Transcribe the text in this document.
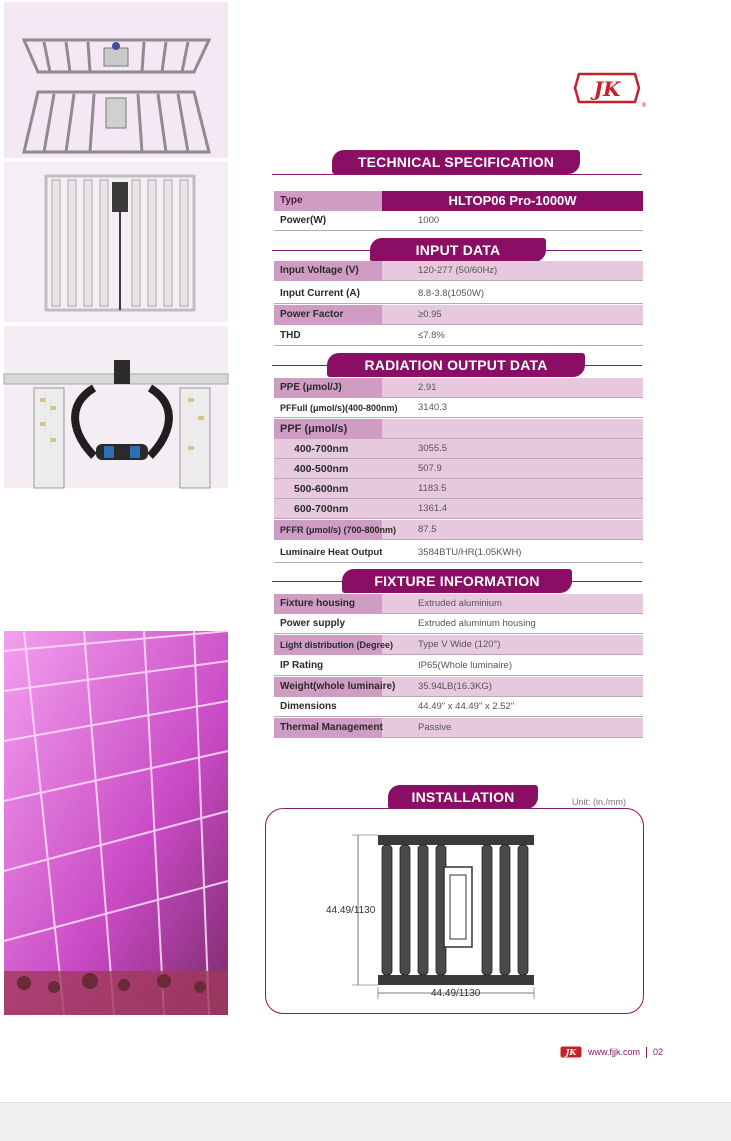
JK
®
TECHNICAL SPECIFICATION
Type	HLTOP06 Pro-1000W
Power(W)	1000
INPUT DATA
Input Voltage (V)	120-277 (50/60Hz)
Input Current (A)	8.8-3.8(1050W)
Power Factor	≥0.95
THD	≤7.8%
RADIATION OUTPUT DATA
PPE (μmol/J)	2.91
PFFull (μmol/s)(400-800nm) 3140.3
PPF (μmol/s)
400-700nm	3055.5
400-500nm	507.9
500-600nm	1183.5
600-700nm	1361.4
PFFR (μmol/s) (700-800nm) 87.5
Luminaire Heat Output	3584BTU/HR(1.05KWH)
FIXTURE INFORMATION
Fixture housing	Extruded aluminium
Power supply	Extruded aluminum housing
Light distribution (Degree)	Type V Wide (120°)
IP Rating	IP65(Whole luminaire)
Weight(whole luminaire) 35.94LB(16.3KG)
Dimensions	44.49" x 44.49" x 2.52"
Thermal Management	Passive
INSTALLATION	Unit: (in./mm)
44.49/1130
44.49/1130
JK www.fjjk.com 02
